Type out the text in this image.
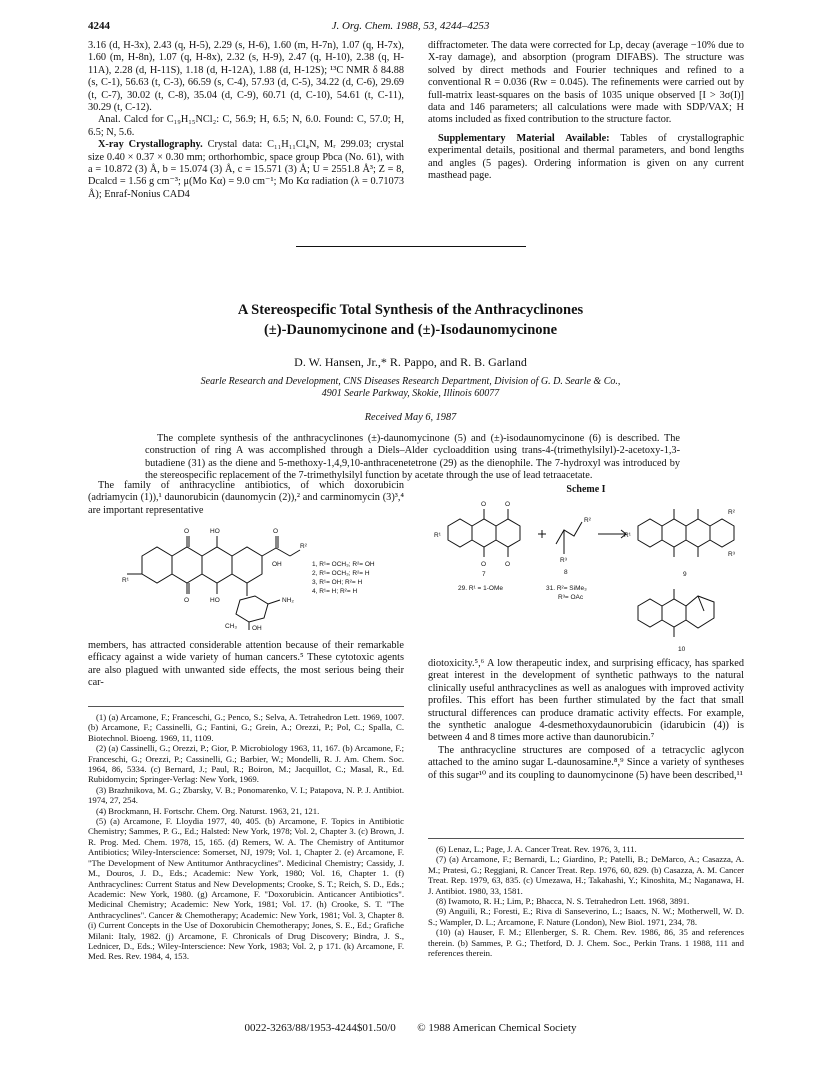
4244	J. Org. Chem. 1988, 53, 4244–4253

3.16 (d, H-3x), 2.43 (q, H-5), 2.29 (s, H-6), 1.60 (m, H-7n), 1.07 (q, H-7x), 1.60 (m, H-8n), 1.07 (q, H-8x), 2.32 (s, H-9), 2.47 (q, H-10), 2.38 (q, H-11A), 2.28 (d, H-11S), 1.18 (d, H-12A), 1.88 (d, H-12S); ¹³C NMR δ 84.88 (s, C-1), 56.63 (t, C-3), 66.59 (s, C-4), 57.93 (d, C-5), 34.22 (d, C-6), 29.69 (t, C-7), 30.02 (t, C-8), 35.04 (d, C-9), 60.71 (d, C-10), 54.61 (t, C-11), 30.29 (t, C-12).

Anal. Calcd for C₁₉H₁₅NCl₂: C, 56.9; H, 6.5; N, 6.0. Found: C, 57.0; H, 6.5; N, 5.6.

X-ray Crystallography. Crystal data: C₁₁H₁₁Cl₄N, Mᵣ 299.03; crystal size 0.40 × 0.37 × 0.30 mm; orthorhombic, space group Pbca (No. 61), with a = 10.872 (3) Å, b = 15.074 (3) Å, c = 15.571 (3) Å; U = 2551.8 Å³; Z = 8, Dcalcd = 1.56 g cm⁻³; μ(Mo Kα) = 9.0 cm⁻¹; Mo Kα radiation (λ = 0.71073 Å); Enraf-Nonius CAD4

diffractometer. The data were corrected for Lp, decay (average −10% due to X-ray damage), and absorption (program DIFABS). The structure was solved by direct methods and Fourier techniques and refined to a conventional R = 0.036 (Rw = 0.045). The refinements were carried out by full-matrix least-squares on the basis of 1035 unique observed [I > 3σ(I)] data and 146 parameters; all calculations were made with SDP/VAX; H atoms included as fixed contribution to the structure factor.

Supplementary Material Available: Tables of crystallographic experimental details, positional and thermal parameters, and bond lengths and angles (5 pages). Ordering information is given on any current masthead page.

A Stereospecific Total Synthesis of the Anthracyclinones
(±)-Daunomycinone and (±)-Isodaunomycinone
D. W. Hansen, Jr.,* R. Pappo, and R. B. Garland
Searle Research and Development, CNS Diseases Research Department, Division of G. D. Searle & Co.,
4901 Searle Parkway, Skokie, Illinois 60077
Received May 6, 1987

The complete synthesis of the anthracyclinones (±)-daunomycinone (5) and (±)-isodaunomycinone (6) is described. The construction of ring A was accomplished through a Diels–Alder cycloaddition using trans-4-(trimethylsilyl)-2-acetoxy-1,3-butadiene (31) as the diene and 5-methoxy-1,4,9,10-anthracenetetrone (29) as the dienophile. The 7-hydroxyl was introduced by the stereospecific replacement of the 7-trimethylsilyl function by acetate through the use of lead tetraacetate.

The family of anthracycline antibiotics, of which doxorubicin (adriamycin (1)),¹ daunorubicin (daunomycin (2)),² and carminomycin (3)³,⁴ are important representative

O	HO
O	HO
O
OH
R²
R¹
NH₂
CH₃ OH
1, R¹= OCH₃; R²= OH
2, R¹= OCH₃; R²= H
3, R¹= OH; R²= H
4, R¹= H; R²= H

members, has attracted considerable attention because of their remarkable efficacy against a wide variety of human cancers.⁵ These cytotoxic agents are also plagued with unwanted side effects, the most serious being their car-

Scheme I
O	O
O	O
R¹
R²
R³
R¹
R²
R³
7	8	9
10
29. R¹ = 1-OMe	31. R²= SiMe₃
R³= OAc

diotoxicity.⁵,⁶ A low therapeutic index, and surprising efficacy, has sparked great interest in the development of synthetic pathways to the natural clinically useful anthracyclines as well as analogues with improved activity profiles. This effort has been further stimulated by the fact that small structural differences can produce dramatic activity effects. For example, the synthetic analogue 4-desmethoxydaunorubicin (idarubicin (4)) is between 4 and 8 times more active than daunorubicin.⁷

The anthracycline structures are composed of a tetracyclic aglycon attached to the amino sugar L-daunosamine.⁸,⁹ Since a variety of syntheses of this sugar¹⁰ and its coupling to daunomycinone (5) have been described,¹¹

(1) (a) Arcamone, F.; Franceschi, G.; Penco, S.; Selva, A. Tetrahedron Lett. 1969, 1007. (b) Arcamone, F.; Cassinelli, G.; Fantini, G.; Grein, A.; Orezzi, P.; Pol, C.; Spalla, C. Biotechnol. Bioeng. 1969, 11, 1109.

(2) (a) Cassinelli, G.; Orezzi, P.; Gior, P. Microbiology 1963, 11, 167. (b) Arcamone, F.; Franceschi, G.; Orezzi, P.; Cassinelli, G.; Barbier, W.; Mondelli, R. J. Am. Chem. Soc. 1964, 86, 5334. (c) Bernard, J.; Paul, R.; Boiron, M.; Jacquillot, C.; Masal, R., Ed. Rubidomycin; Springer-Verlag: New York, 1969.

(3) Brazhnikova, M. G.; Zbarsky, V. B.; Ponomarenko, V. I.; Patapova, N. P. J. Antibiot. 1974, 27, 254.

(4) Brockmann, H. Fortschr. Chem. Org. Naturst. 1963, 21, 121.

(5) (a) Arcamone, F. Lloydia 1977, 40, 405. (b) Arcamone, F. Topics in Antibiotic Chemistry; Sammes, P. G., Ed.; Halsted: New York, 1978; Vol. 2, Chapter 3. (c) Brown, J. R. Prog. Med. Chem. 1978, 15, 165. (d) Remers, W. A. The Chemistry of Antitumor Antibiotics; Wiley-Interscience: Somerset, NJ, 1979; Vol. 1, Chapter 2. (e) Arcamone, F. "The Development of New Antitumor Anthracyclines". Medicinal Chemistry; Cassidy, J. M., Douros, J. D., Eds.; Academic: New York, 1980; Vol. 16, Chapter 1. (f) Anthracyclines: Current Status and New Developments; Crooke, S. T.; Reich, S. D., Eds.; Academic: New York, 1980. (g) Arcamone, F. "Doxorubicin. Anticancer Antibiotics". Medicinal Chemistry; Academic: New York, 1981; Vol. 17. (h) Crooke, S. T. "The Anthracyclines". Cancer & Chemotherapy; Academic: New York, 1981; Vol. 3, Chapter 8. (i) Current Concepts in the Use of Doxorubicin Chemotherapy; Jones, S. E., Ed.; Grafiche Milani: Italy, 1982. (j) Arcamone, F. Chronicals of Drug Discovery; Bindra, J. S., Lednicer, D., Eds.; Wiley-Interscience: New York, 1983; Vol. 2, p 171. (k) Arcamone, F. Med. Res. Rev. 1984, 4, 153.

(6) Lenaz, L.; Page, J. A. Cancer Treat. Rev. 1976, 3, 111.

(7) (a) Arcamone, F.; Bernardi, L.; Giardino, P.; Patelli, B.; DeMarco, A.; Casazza, A. M.; Pratesi, G.; Reggiani, R. Cancer Treat. Rep. 1976, 60, 829. (b) Casazza, A. M. Cancer Treat. Rep. 1979, 63, 835. (c) Umezawa, H.; Takahashi, Y.; Kinoshita, M.; Naganawa, H. J. Antibiot. 1980, 33, 1581.

(8) Iwamoto, R. H.; Lim, P.; Bhacca, N. S. Tetrahedron Lett. 1968, 3891.

(9) Anguili, R.; Foresti, E.; Riva di Sanseverino, L.; Isaacs, N. W.; Motherwell, W. D. S.; Wampler, D. L.; Arcamone, F. Nature (London), New Biol. 1971, 234, 78.

(10) (a) Hauser, F. M.; Ellenberger, S. R. Chem. Rev. 1986, 86, 35 and references therein. (b) Sammes, P. G.; Thetford, D. J. Chem. Soc., Perkin Trans. 1 1988, 111 and references therein.

0022-3263/88/1953-4244$01.50/0 © 1988 American Chemical Society
